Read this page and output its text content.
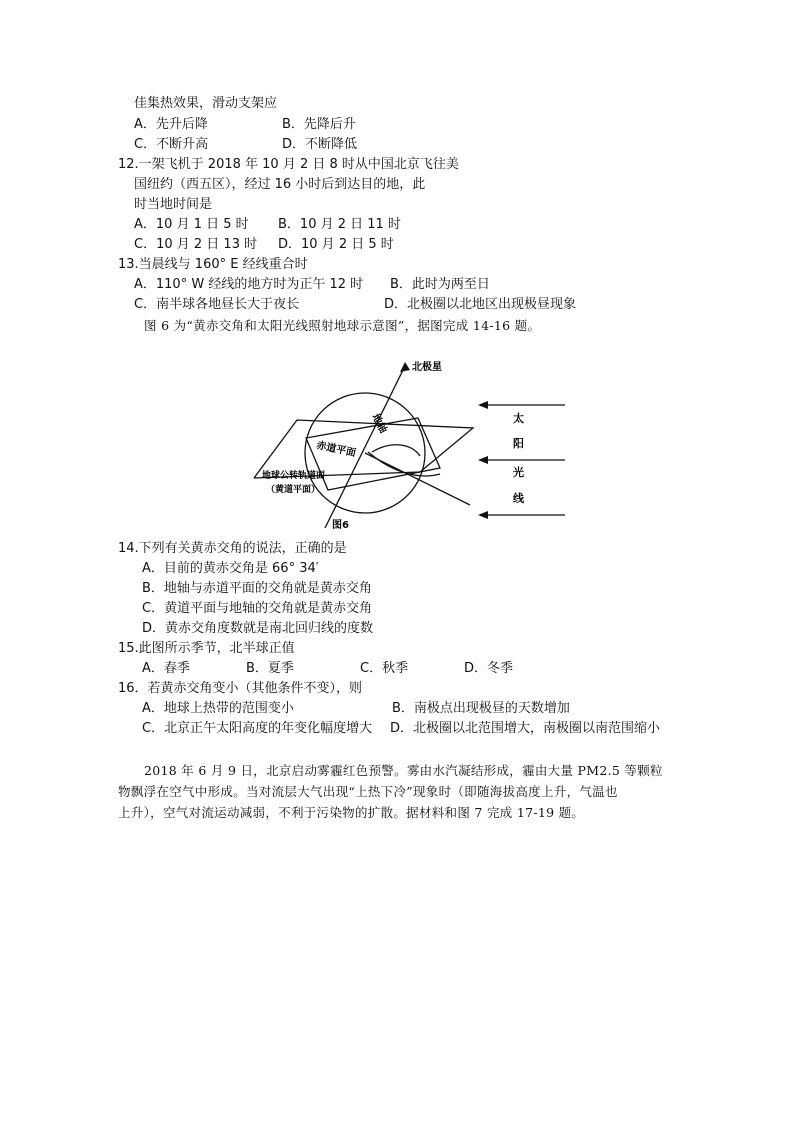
佳集热效果，滑动支架应
A．先升后降	B．先降后升
C．不断升高	D．不断降低
12.一架飞机于 2018 年 10 月 2 日 8 时从中国北京飞往美
国纽约（西五区），经过 16 小时后到达目的地，此
时当地时间是
A．10 月 1 日 5 时 B．10 月 2 日 11 时
C．10 月 2 日 13 时 D．10 月 2 日 5 时
13.当晨线与 160° E 经线重合时
A．110° W 经线的地方时为正午 12 时 B．此时为两至日
C．南半球各地昼长大于夜长	D．北极圈以北地区出现极昼现象
图 6 为“黄赤交角和太阳光线照射地球示意图”，据图完成 14-16 题。
北极星
地轴
赤道平面
地球公转轨道面
（黄道平面）
太
阳
光
线
图6
14.下列有关黄赤交角的说法，正确的是
A．目前的黄赤交角是 66° 34′
B．地轴与赤道平面的交角就是黄赤交角
C．黄道平面与地轴的交角就是黄赤交角
D．黄赤交角度数就是南北回归线的度数
15.此图所示季节，北半球正值
A．春季	B．夏季	C．秋季	D．冬季
16．若黄赤交角变小（其他条件不变），则
A．地球上热带的范围变小	B．南极点出现极昼的天数增加
C．北京正午太阳高度的年变化幅度增大 D．北极圈以北范围增大，南极圈以南范围缩小
2018 年 6 月 9 日，北京启动雾霾红色预警。雾由水汽凝结形成，霾由大量 PM2.5 等颗粒
物飘浮在空气中形成。当对流层大气出现“上热下冷”现象时（即随海拔高度上升，气温也
上升），空气对流运动减弱，不利于污染物的扩散。据材料和图 7 完成 17-19 题。
